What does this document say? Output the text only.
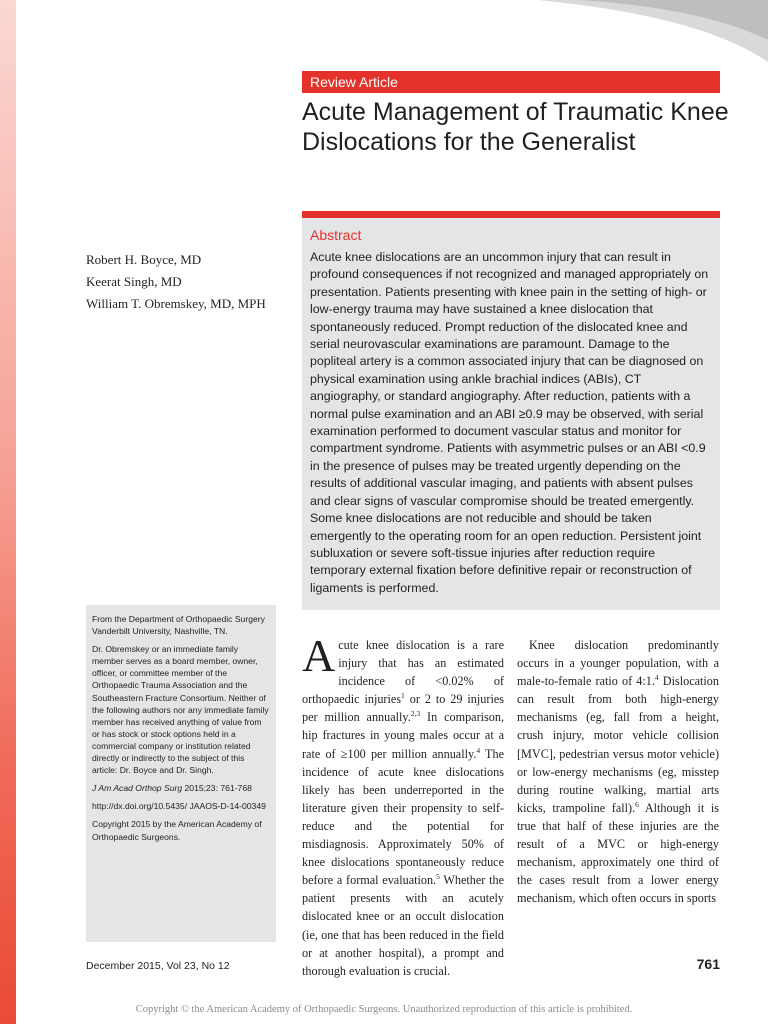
Review Article
Acute Management of Traumatic Knee Dislocations for the Generalist
Abstract

Acute knee dislocations are an uncommon injury that can result in profound consequences if not recognized and managed appropriately on presentation. Patients presenting with knee pain in the setting of high- or low-energy trauma may have sustained a knee dislocation that spontaneously reduced. Prompt reduction of the dislocated knee and serial neurovascular examinations are paramount. Damage to the popliteal artery is a common associated injury that can be diagnosed on physical examination using ankle brachial indices (ABIs), CT angiography, or standard angiography. After reduction, patients with a normal pulse examination and an ABI ≥0.9 may be observed, with serial examination performed to document vascular status and monitor for compartment syndrome. Patients with asymmetric pulses or an ABI <0.9 in the presence of pulses may be treated urgently depending on the results of additional vascular imaging, and patients with absent pulses and clear signs of vascular compromise should be treated emergently. Some knee dislocations are not reducible and should be taken emergently to the operating room for an open reduction. Persistent joint subluxation or severe soft-tissue injuries after reduction require temporary external fixation before definitive repair or reconstruction of ligaments is performed.

Robert H. Boyce, MD
Keerat Singh, MD
William T. Obremskey, MD, MPH

From the Department of Orthopaedic Surgery Vanderbilt University, Nashville, TN.

Dr. Obremskey or an immediate family member serves as a board member, owner, officer, or committee member of the Orthopaedic Trauma Association and the Southeastern Fracture Consortium. Neither of the following authors nor any immediate family member has received anything of value from or has stock or stock options held in a commercial company or institution related directly or indirectly to the subject of this article: Dr. Boyce and Dr. Singh.

J Am Acad Orthop Surg 2015;23: 761-768

http://dx.doi.org/10.5435/ JAAOS-D-14-00349

Copyright 2015 by the American Academy of Orthopaedic Surgeons.

Acute knee dislocation is a rare injury that has an estimated incidence of <0.02% of orthopaedic injuries$^1$ or 2 to 29 injuries per million annually.$^{2,3}$ In comparison, hip fractures in young males occur at a rate of ≥100 per million annually.$^4$ The incidence of acute knee dislocations likely has been underreported in the literature given their propensity to self-reduce and the potential for misdiagnosis. Approximately 50% of knee dislocations spontaneously reduce before a formal evaluation.$^5$ Whether the patient presents with an acutely dislocated knee or an occult dislocation (ie, one that has been reduced in the field or at another hospital), a prompt and thorough evaluation is crucial.

Knee dislocation predominantly occurs in a younger population, with a male-to-female ratio of 4:1.$^4$ Dislocation can result from both high-energy mechanisms (eg, fall from a height, crush injury, motor vehicle collision [MVC], pedestrian versus motor vehicle) or low-energy mechanisms (eg, misstep during routine walking, martial arts kicks, trampoline fall).$^6$ Although it is true that half of these injuries are the result of a MVC or high-energy mechanism, approximately one third of the cases result from a lower energy mechanism, which often occurs in sports

December 2015, Vol 23, No 12	761
Copyright © the American Academy of Orthopaedic Surgeons. Unauthorized reproduction of this article is prohibited.
